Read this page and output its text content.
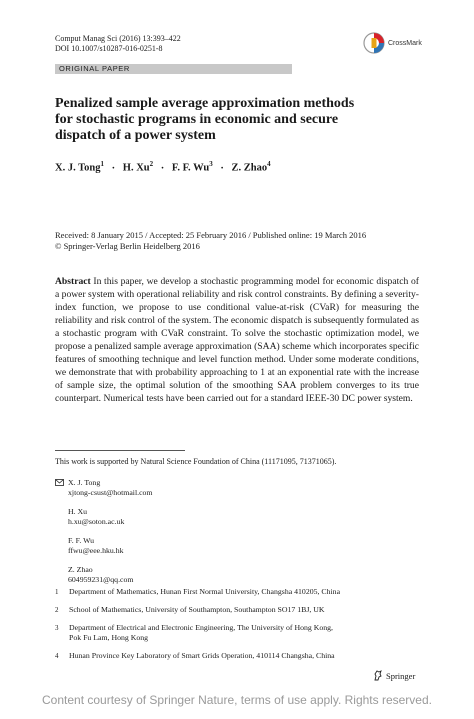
Comput Manag Sci (2016) 13:393–422
DOI 10.1007/s10287-016-0251-8
CrossMark
ORIGINAL PAPER
Penalized sample average approximation methods
for stochastic programs in economic and secure
dispatch of a power system
X. J. Tong$^1$ · H. $Xu^2 \cdot F$. F. $Wu^3 \cdot Z$. Zhao$^4$
Received: 8 January 2015 / Accepted: 25 February 2016 / Published online: 19 March 2016
© Springer-Verlag Berlin Heidelberg 2016
Abstract In this paper, we develop a stochastic programming model for economic dispatch of a power system with operational reliability and risk control constraints. By defining a severity-index function, we propose to use conditional value-at-risk (CVaR) for measuring the reliability and risk control of the system. The economic dispatch is subsequently formulated as a stochastic program with CVaR constraint. To solve the stochastic optimization model, we propose a penalized sample average approximation (SAA) scheme which incorporates specific features of smoothing technique and level function method. Under some moderate conditions, we demonstrate that with probability approaching to 1 at an exponential rate with the increase of sample size, the optimal solution of the smoothing SAA problem converges to its true counterpart. Numerical tests have been carried out for a standard IEEE-30 DC power system.
This work is supported by Natural Science Foundation of China (11171095, 71371065).
X. J. Tong
xjtong-csust@hotmail.com
H. Xu
h.xu@soton.ac.uk
F. F. Wu
ffwu@eee.hku.hk
Z. Zhao
604959231@qq.com
1 Department of Mathematics, Hunan First Normal University, Changsha 410205, China
2 School of Mathematics, University of Southampton, Southampton SO17 1BJ, UK
3 Department of Electrical and Electronic Engineering, The University of Hong Kong,
Pok Fu Lam, Hong Kong
4 Hunan Province Key Laboratory of Smart Grids Operation, 410114 Changsha, China
Springer
Content courtesy of Springer Nature, terms of use apply. Rights reserved.
